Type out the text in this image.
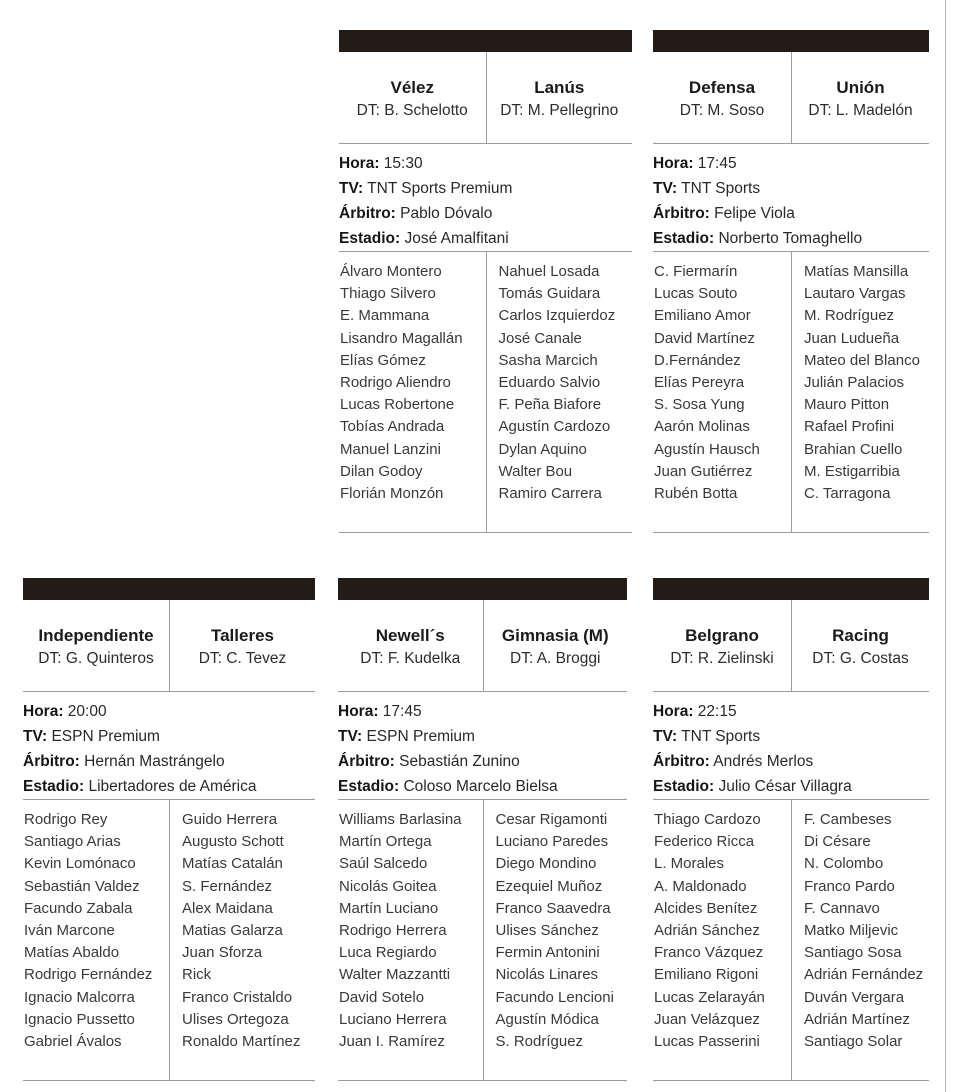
Vélez
DT: B. Schelotto
Lanús
DT: M. Pellegrino
Hora: 15:30
TV: TNT Sports Premium
Árbitro: Pablo Dóvalo
Estadio: José Amalfitani
Álvaro Montero
Thiago Silvero
E. Mammana
Lisandro Magallán
Elías Gómez
Rodrigo Aliendro
Lucas Robertone
Tobías Andrada
Manuel Lanzini
Dilan Godoy
Florián Monzón
Nahuel Losada
Tomás Guidara
Carlos Izquierdoz
José Canale
Sasha Marcich
Eduardo Salvio
F. Peña Biafore
Agustín Cardozo
Dylan Aquino
Walter Bou
Ramiro Carrera
Defensa
DT: M. Soso
Unión
DT: L. Madelón
Hora: 17:45
TV: TNT Sports
Árbitro: Felipe Viola
Estadio: Norberto Tomaghello
C. Fiermarín
Lucas Souto
Emiliano Amor
David Martínez
D.Fernández
Elías Pereyra
S. Sosa Yung
Aarón Molinas
Agustín Hausch
Juan Gutiérrez
Rubén Botta
Matías Mansilla
Lautaro Vargas
M. Rodríguez
Juan Ludueña
Mateo del Blanco
Julián Palacios
Mauro Pitton
Rafael Profini
Brahian Cuello
M. Estigarribia
C. Tarragona
Independiente
DT: G. Quinteros
Talleres
DT: C. Tevez
Hora: 20:00
TV: ESPN Premium
Árbitro: Hernán Mastrángelo
Estadio: Libertadores de América
Rodrigo Rey
Santiago Arias
Kevin Lomónaco
Sebastián Valdez
Facundo Zabala
Iván Marcone
Matías Abaldo
Rodrigo Fernández
Ignacio Malcorra
Ignacio Pussetto
Gabriel Ávalos
Guido Herrera
Augusto Schott
Matías Catalán
S. Fernández
Alex Maidana
Matias Galarza
Juan Sforza
Rick
Franco Cristaldo
Ulises Ortegoza
Ronaldo Martínez
Newell´s
DT: F. Kudelka
Gimnasia (M)
DT: A. Broggi
Hora: 17:45
TV: ESPN Premium
Árbitro: Sebastián Zunino
Estadio: Coloso Marcelo Bielsa
Williams Barlasina
Martín Ortega
Saúl Salcedo
Nicolás Goitea
Martín Luciano
Rodrigo Herrera
Luca Regiardo
Walter Mazzantti
David Sotelo
Luciano Herrera
Juan I. Ramírez
Cesar Rigamonti
Luciano Paredes
Diego Mondino
Ezequiel Muñoz
Franco Saavedra
Ulises Sánchez
Fermin Antonini
Nicolás Linares
Facundo Lencioni
Agustín Módica
S. Rodríguez
Belgrano
DT: R. Zielinski
Racing
DT: G. Costas
Hora: 22:15
TV: TNT Sports
Árbitro: Andrés Merlos
Estadio: Julio César Villagra
Thiago Cardozo
Federico Ricca
L. Morales
A. Maldonado
Alcides Benítez
Adrián Sánchez
Franco Vázquez
Emiliano Rigoni
Lucas Zelarayán
Juan Velázquez
Lucas Passerini
F. Cambeses
Di Césare
N. Colombo
Franco Pardo
F. Cannavo
Matko Miljevic
Santiago Sosa
Adrián Fernández
Duván Vergara
Adrián Martínez
Santiago Solar
